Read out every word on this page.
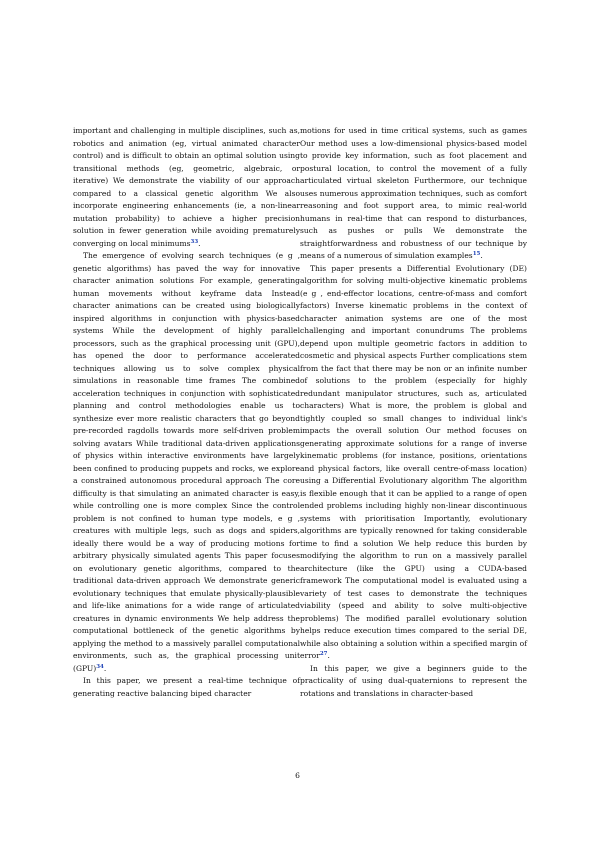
important and challenging in multiple disciplines, such as, robotics and animation (eg, virtual animated character control) and is difficult to obtain an optimal solution using transitional methods (eg, geometric, algebraic, or iterative) We demonstrate the viability of our approach compared to a classical genetic algorithm We also incorporate engineering enhancements (ie, a non-linear mutation probability) to achieve a higher precision solution in fewer generation while avoiding prematurely converging on local minimums$^{33}$.

The emergence of evolving search techniques (e g , genetic algorithms) has paved the way for innovative character animation solutions For example, generating human movements without keyframe data Instead character animations can be created using biologically inspired algorithms in conjunction with physics-based systems While the development of highly parallel processors, such as the graphical processing unit (GPU), has opened the door to performance accelerated techniques allowing us to solve complex physical simulations in reasonable time frames The combined acceleration techniques in conjunction with sophisticated planning and control methodologies enable us to synthesize ever more realistic characters that go beyond pre-recorded ragdolls towards more self-driven problem solving avatars While traditional data-driven applications of physics within interactive environments have largely been confined to producing puppets and rocks, we explore a constrained autonomous procedural approach The core difficulty is that simulating an animated character is easy, while controlling one is more complex Since the control problem is not confined to human type models, e g , creatures with multiple legs, such as dogs and spiders, ideally there would be a way of producing motions for arbitrary physically simulated agents This paper focuses on evolutionary genetic algorithms, compared to the traditional data-driven approach We demonstrate generic evolutionary techniques that emulate physically-plausible and life-like animations for a wide range of articulated creatures in dynamic environments We help address the computational bottleneck of the genetic algorithms by applying the method to a massively parallel computational environments, such as, the graphical processing unit (GPU)$^{34}$.

In this paper, we present a real-time technique of generating reactive balancing biped character

motions for used in time critical systems, such as games Our method uses a low-dimensional physics-based model to provide key information, such as foot placement and postural location, to control the movement of a fully articulated virtual skeleton Furthermore, our technique uses numerous approximation techniques, such as comfort reasoning and foot support area, to mimic real-world humans in real-time that can respond to disturbances, such as pushes or pulls We demonstrate the straightforwardness and robustness of our technique by means of a numerous of simulation examples$^{15}$.

This paper presents a Differential Evolutionary (DE) algorithm for solving multi-objective kinematic problems (e g , end-effector locations, centre-of-mass and comfort factors) Inverse kinematic problems in the context of character animation systems are one of the most challenging and important conundrums The problems depend upon multiple geometric factors in addition to cosmetic and physical aspects Further complications stem from the fact that there may be non or an infinite number of solutions to the problem (especially for highly redundant manipulator structures, such as, articulated characters) What is more, the problem is global and tightly coupled so small changes to individual link's impacts the overall solution Our method focuses on generating approximate solutions for a range of inverse kinematic problems (for instance, positions, orientations and physical factors, like overall centre-of-mass location) using a Differential Evolutionary algorithm The algorithm is flexible enough that it can be applied to a range of open ended problems including highly non-linear discontinuous systems with prioritisation Importantly, evolutionary algorithms are typically renowned for taking considerable time to find a solution We help reduce this burden by modifying the algorithm to run on a massively parallel architecture (like the GPU) using a CUDA-based framework The computational model is evaluated using a variety of test cases to demonstrate the techniques viability (speed and ability to solve multi-objective problems) The modified parallel evolutionary solution helps reduce execution times compared to the serial DE, while also obtaining a solution within a specified margin of error$^{27}$.

In this paper, we give a beginners guide to the practicality of using dual-quaternions to represent the rotations and translations in character-based

6
